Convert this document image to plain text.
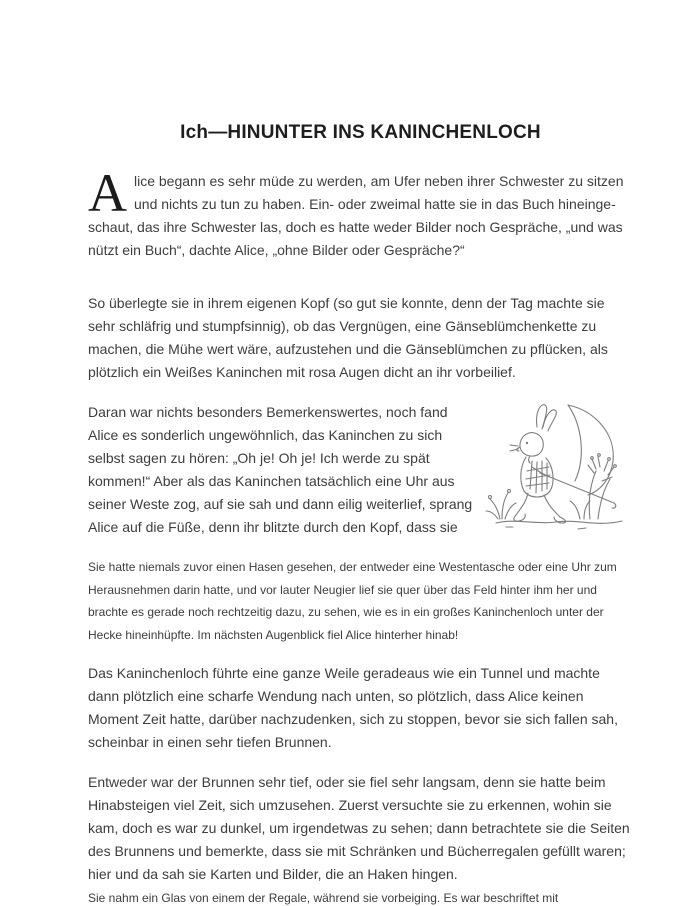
Ich—HINUNTER INS KANINCHENLOCH

Alice begann es sehr müde zu werden, am Ufer neben ihrer Schwester zu sitzen und nichts zu tun zu haben. Ein- oder zweimal hatte sie in das Buch hineingeschaut, das ihre Schwester las, doch es hatte weder Bilder noch Gespräche, „und was nützt ein Buch“, dachte Alice, „ohne Bilder oder Gespräche?“

So überlegte sie in ihrem eigenen Kopf (so gut sie konnte, denn der Tag machte sie sehr schläfrig und stumpfsinnig), ob das Vergnügen, eine Gänseblümchenkette zu machen, die Mühe wert wäre, aufzustehen und die Gänseblümchen zu pflücken, als plötzlich ein Weißes Kaninchen mit rosa Augen dicht an ihr vorbeilief.

Daran war nichts besonders Bemerkenswertes, noch fand Alice es sonderlich ungewöhnlich, das Kaninchen zu sich selbst sagen zu hören: „Oh je! Oh je! Ich werde zu spät kommen!“ Aber als das Kaninchen tatsächlich eine Uhr aus seiner Weste zog, auf sie sah und dann eilig weiterlief, sprang Alice auf die Füße, denn ihr blitzte durch den Kopf, dass sie

Sie hatte niemals zuvor einen Hasen gesehen, der entweder eine Westentasche oder eine Uhr zum Herausnehmen darin hatte, und vor lauter Neugier lief sie quer über das Feld hinter ihm her und brachte es gerade noch rechtzeitig dazu, zu sehen, wie es in ein großes Kaninchenloch unter der Hecke hineinhüpfte. Im nächsten Augenblick fiel Alice hinterher hinab!

Das Kaninchenloch führte eine ganze Weile geradeaus wie ein Tunnel und machte dann plötzlich eine scharfe Wendung nach unten, so plötzlich, dass Alice keinen Moment Zeit hatte, darüber nachzudenken, sich zu stoppen, bevor sie sich fallen sah, scheinbar in einen sehr tiefen Brunnen.

Entweder war der Brunnen sehr tief, oder sie fiel sehr langsam, denn sie hatte beim Hinabsteigen viel Zeit, sich umzusehen. Zuerst versuchte sie zu erkennen, wohin sie kam, doch es war zu dunkel, um irgendetwas zu sehen; dann betrachtete sie die Seiten des Brunnens und bemerkte, dass sie mit Schränken und Bücherregalen gefüllt waren; hier und da sah sie Karten und Bilder, die an Haken hingen.
Sie nahm ein Glas von einem der Regale, während sie vorbeiging. Es war beschriftet mit
